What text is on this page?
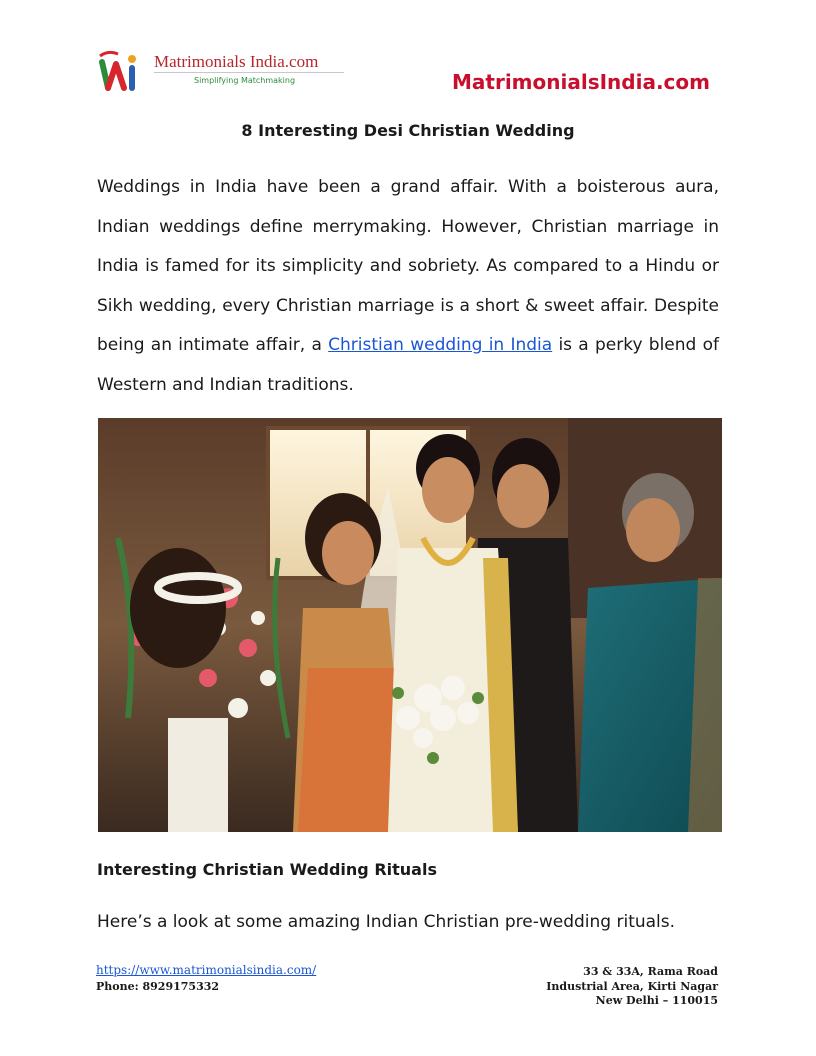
Matrimonials India.com
Simplifying Matchmaking	MatrimonialsIndia.com
8 Interesting Desi Christian Wedding

Weddings in India have been a grand affair. With a boisterous aura, Indian weddings define merrymaking. However, Christian marriage in India is famed for its simplicity and sobriety. As compared to a Hindu or Sikh wedding, every Christian marriage is a short & sweet affair. Despite being an intimate affair, a Christian wedding in India is a perky blend of Western and Indian traditions.

Interesting Christian Wedding Rituals
Here’s a look at some amazing Indian Christian pre-wedding rituals.
https://www.matrimonialsindia.com/
Phone: 8929175332
33 & 33A, Rama Road
Industrial Area, Kirti Nagar
New Delhi – 110015
